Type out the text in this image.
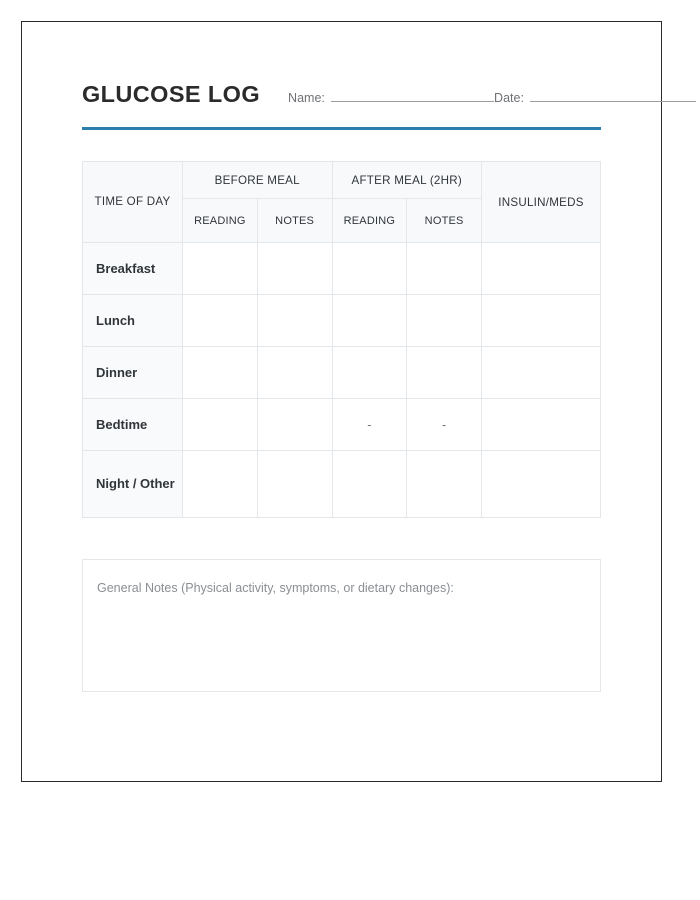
GLUCOSE LOG Name:	Date:
TIME OF DAY	BEFORE MEAL		AFTER MEAL (2HR)		INSULIN/MEDS
	READING	NOTES	READING	NOTES	
Breakfast					
Lunch					
Dinner					
Bedtime			-	-	
Night / Other					
General Notes (Physical activity, symptoms, or dietary changes):
